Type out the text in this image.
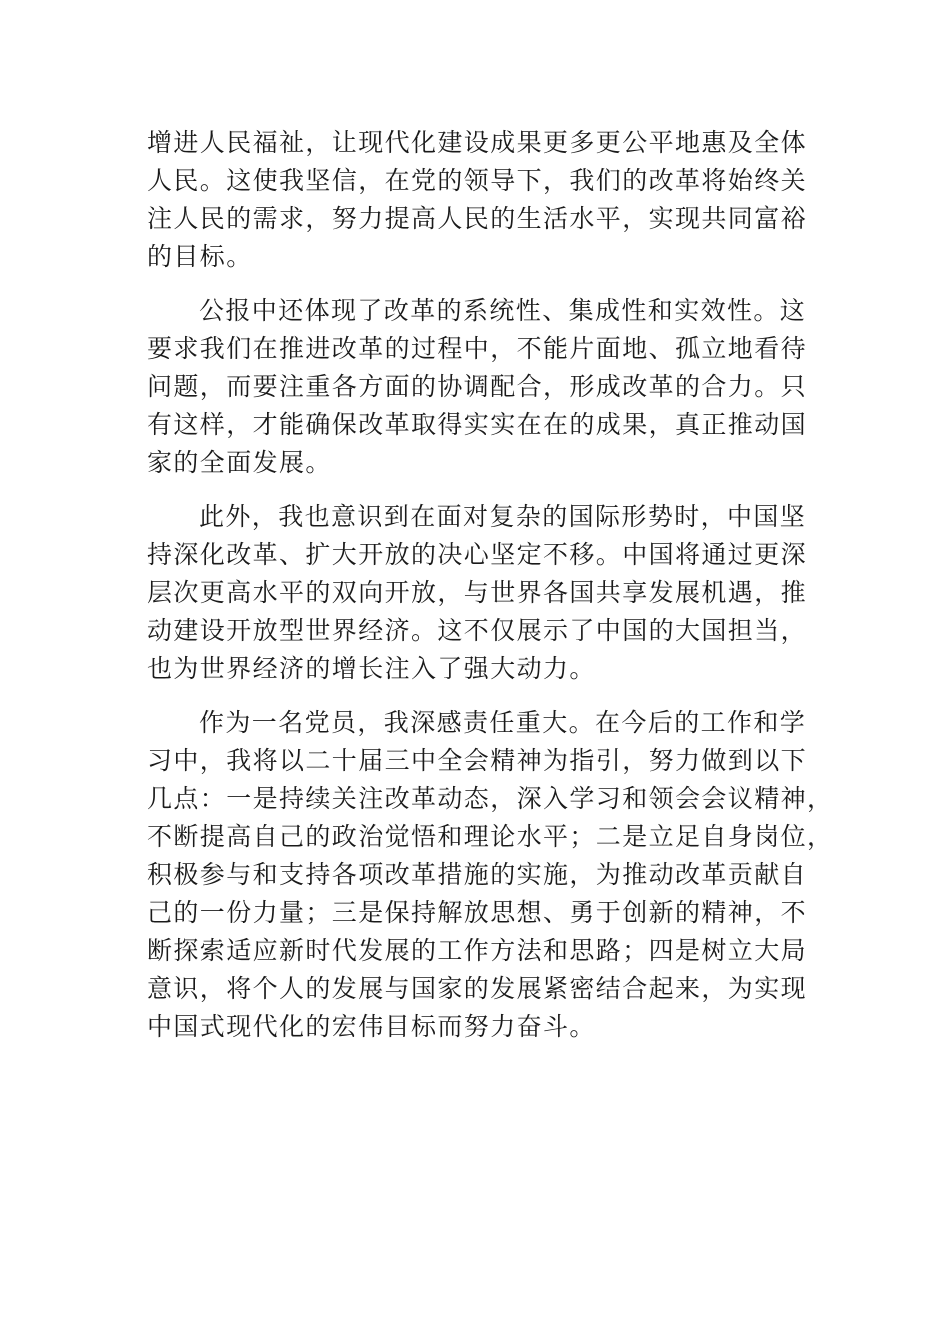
增进人民福祉，让现代化建设成果更多更公平地惠及全体
人民。这使我坚信，在党的领导下，我们的改革将始终关
注人民的需求，努力提高人民的生活水平，实现共同富裕
的目标。

公报中还体现了改革的系统性、集成性和实效性。这
要求我们在推进改革的过程中，不能片面地、孤立地看待
问题，而要注重各方面的协调配合，形成改革的合力。只
有这样，才能确保改革取得实实在在的成果，真正推动国
家的全面发展。

此外，我也意识到在面对复杂的国际形势时，中国坚
持深化改革、扩大开放的决心坚定不移。中国将通过更深
层次更高水平的双向开放，与世界各国共享发展机遇，推
动建设开放型世界经济。这不仅展示了中国的大国担当，
也为世界经济的增长注入了强大动力。

作为一名党员，我深感责任重大。在今后的工作和学
习中，我将以二十届三中全会精神为指引，努力做到以下
几点：一是持续关注改革动态，深入学习和领会会议精神，
不断提高自己的政治觉悟和理论水平；二是立足自身岗位，
积极参与和支持各项改革措施的实施，为推动改革贡献自
己的一份力量；三是保持解放思想、勇于创新的精神，不
断探索适应新时代发展的工作方法和思路；四是树立大局
意识，将个人的发展与国家的发展紧密结合起来，为实现
中国式现代化的宏伟目标而努力奋斗。
